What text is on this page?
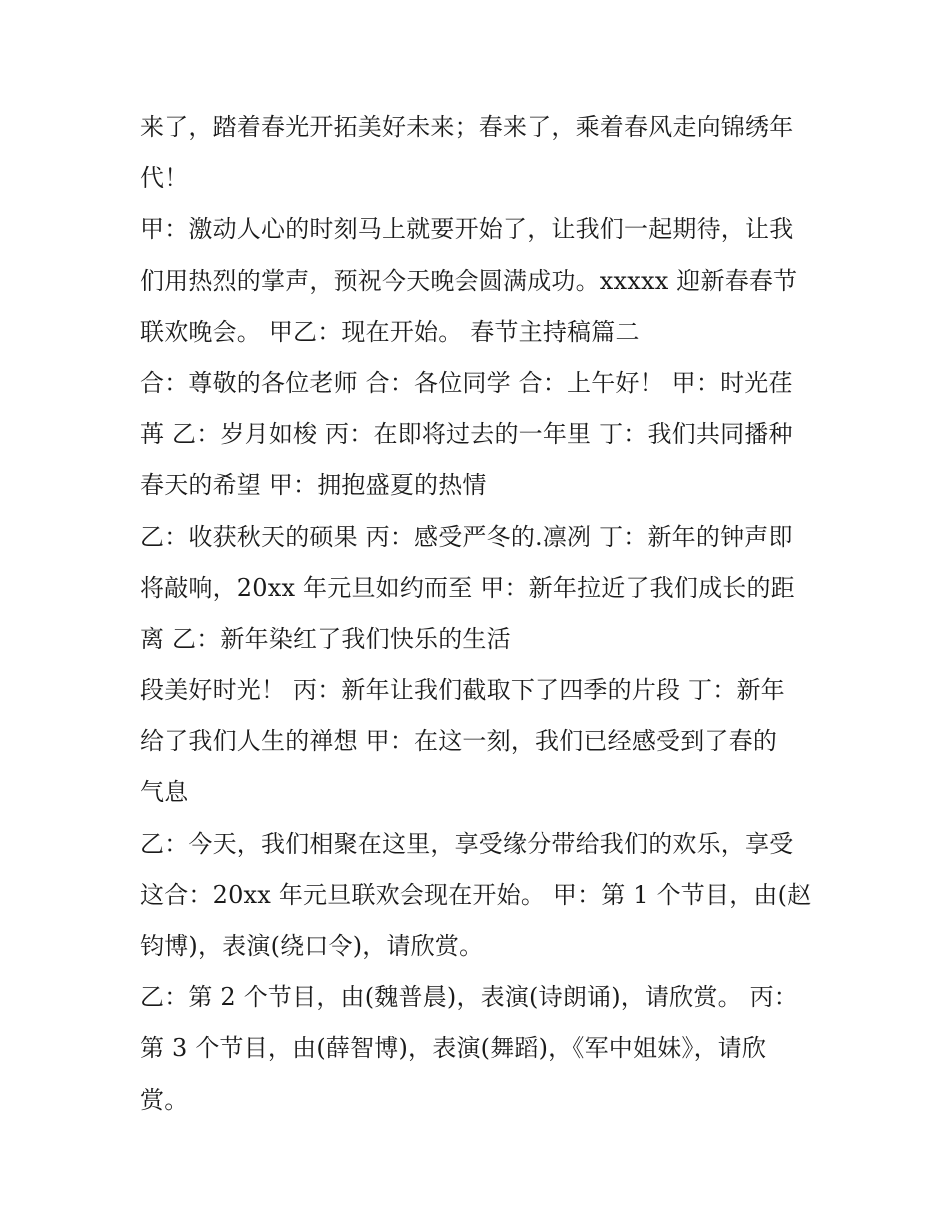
来了，踏着春光开拓美好未来；春来了，乘着春风走向锦绣年
代！
甲：激动人心的时刻马上就要开始了，让我们一起期待，让我
们用热烈的掌声，预祝今天晚会圆满成功。xxxxx 迎新春春节
联欢晚会。 甲乙：现在开始。 春节主持稿篇二
合：尊敬的各位老师 合：各位同学 合：上午好！ 甲：时光荏
苒 乙：岁月如梭 丙：在即将过去的一年里 丁：我们共同播种
春天的希望 甲：拥抱盛夏的热情
乙：收获秋天的硕果 丙：感受严冬的.凛冽 丁：新年的钟声即
将敲响，20xx 年元旦如约而至 甲：新年拉近了我们成长的距
离 乙：新年染红了我们快乐的生活
段美好时光！ 丙：新年让我们截取下了四季的片段 丁：新年
给了我们人生的禅想 甲：在这一刻，我们已经感受到了春的
气息
乙：今天，我们相聚在这里，享受缘分带给我们的欢乐，享受
这合：20xx 年元旦联欢会现在开始。 甲：第 1 个节目，由(赵
钧博)，表演(绕口令)，请欣赏。
乙：第 2 个节目，由(魏普晨)，表演(诗朗诵)，请欣赏。 丙：
第 3 个节目，由(薛智博)，表演(舞蹈)，《军中姐妹》，请欣
赏。
